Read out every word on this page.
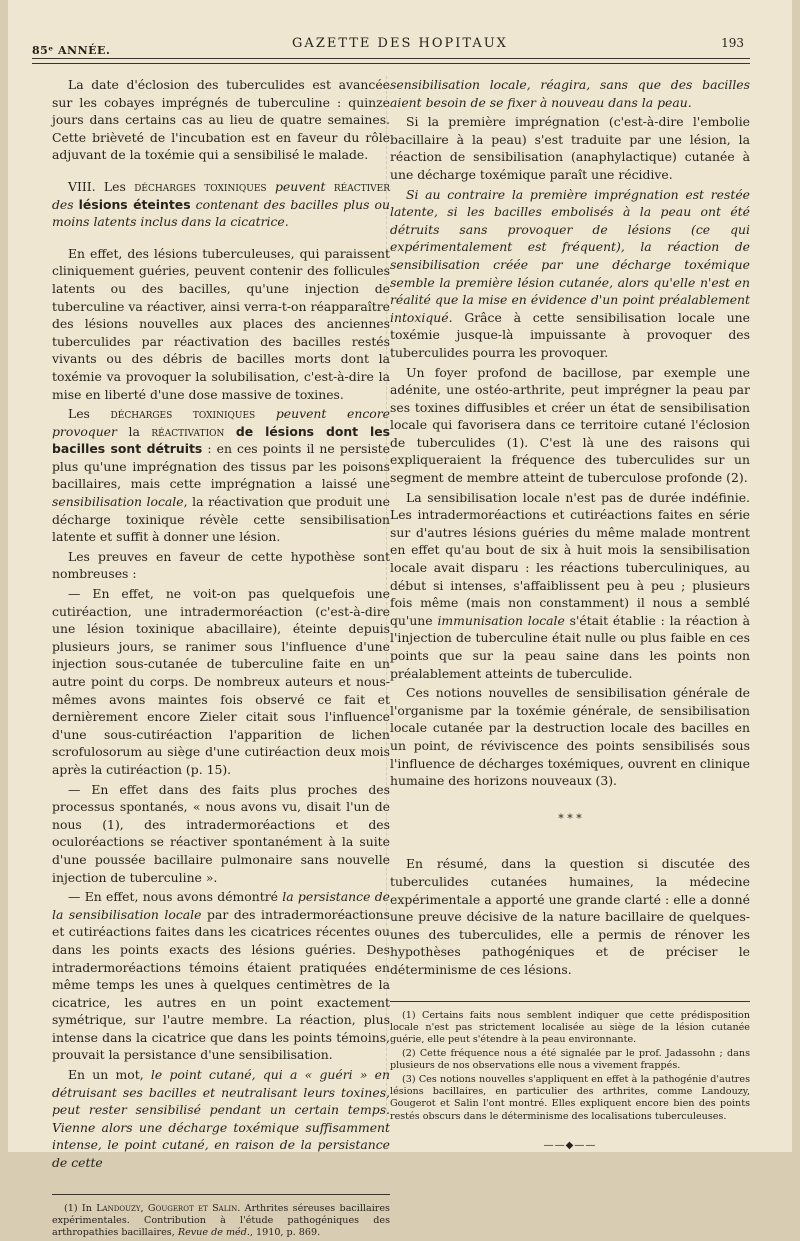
85ᵉ ANNÉE.	GAZETTE DES HOPITAUX	193

La date d'éclosion des tuberculides est avancée sur les cobayes imprégnés de tuberculine : quinze jours dans certains cas au lieu de quatre semaines. Cette brièveté de l'incubation est en faveur du rôle adjuvant de la toxémie qui a sensibilisé le malade.

VIII. Les décharges toxiniques peuvent réactiver des lésions éteintes contenant des bacilles plus ou moins latents inclus dans la cicatrice.

En effet, des lésions tuberculeuses, qui paraissent cliniquement guéries, peuvent contenir des follicules latents ou des bacilles, qu'une injection de tuberculine va réactiver, ainsi verra-t-on réapparaître des lésions nouvelles aux places des anciennes tuberculides par réactivation des bacilles restés vivants ou des débris de bacilles morts dont la toxémie va provoquer la solubilisation, c'est-à-dire la mise en liberté d'une dose massive de toxines.

Les décharges toxiniques peuvent encore provoquer la réactivation de lésions dont les bacilles sont détruits : en ces points il ne persiste plus qu'une imprégnation des tissus par les poisons bacillaires, mais cette imprégnation a laissé une sensibilisation locale, la réactivation que produit une décharge toxinique révèle cette sensibilisation latente et suffit à donner une lésion.

Les preuves en faveur de cette hypothèse sont nombreuses :

— En effet, ne voit-on pas quelquefois une cutiréaction, une intradermoréaction (c'est-à-dire une lésion toxinique abacillaire), éteinte depuis plusieurs jours, se ranimer sous l'influence d'une injection sous-cutanée de tuberculine faite en un autre point du corps. De nombreux auteurs et nous-mêmes avons maintes fois observé ce fait et dernièrement encore Zieler citait sous l'influence d'une sous-cutiréaction l'apparition de lichen scrofulosorum au siège d'une cutiréaction deux mois après la cutiréaction (p. 15).

— En effet dans des faits plus proches des processus spontanés, « nous avons vu, disait l'un de nous (1), des intradermoréactions et des oculoréactions se réactiver spontanément à la suite d'une poussée bacillaire pulmonaire sans nouvelle injection de tuberculine ».

— En effet, nous avons démontré la persistance de la sensibilisation locale par des intradermoréactions et cutiréactions faites dans les cicatrices récentes ou dans les points exacts des lésions guéries. Des intradermoréactions témoins étaient pratiquées en même temps les unes à quelques centimètres de la cicatrice, les autres en un point exactement symétrique, sur l'autre membre. La réaction, plus intense dans la cicatrice que dans les points témoins, prouvait la persistance d'une sensibilisation.

En un mot, le point cutané, qui a « guéri » en détruisant ses bacilles et neutralisant leurs toxines, peut rester sensibilisé pendant un certain temps. Vienne alors une décharge toxémique suffisamment intense, le point cutané, en raison de la persistance de cette

(1) In Landouzy, Gougerot et Salin. Arthrites séreuses bacillaires expérimentales. Contribution à l'étude pathogéniques des arthropathies bacillaires, Revue de méd., 1910, p. 869.

sensibilisation locale, réagira, sans que des bacilles aient besoin de se fixer à nouveau dans la peau.

Si la première imprégnation (c'est-à-dire l'embolie bacillaire à la peau) s'est traduite par une lésion, la réaction de sensibilisation (anaphylactique) cutanée à une décharge toxémique paraît une récidive.

Si au contraire la première imprégnation est restée latente, si les bacilles embolisés à la peau ont été détruits sans provoquer de lésions (ce qui expérimentalement est fréquent), la réaction de sensibilisation créée par une décharge toxémique semble la première lésion cutanée, alors qu'elle n'est en réalité que la mise en évidence d'un point préalablement intoxiqué. Grâce à cette sensibilisation locale une toxémie jusque-là impuissante à provoquer des tuberculides pourra les provoquer.

Un foyer profond de bacillose, par exemple une adénite, une ostéo-arthrite, peut imprégner la peau par ses toxines diffusibles et créer un état de sensibilisation locale qui favorisera dans ce territoire cutané l'éclosion de tuberculides (1). C'est là une des raisons qui expliqueraient la fréquence des tuberculides sur un segment de membre atteint de tuberculose profonde (2).

La sensibilisation locale n'est pas de durée indéfinie. Les intradermoréactions et cutiréactions faites en série sur d'autres lésions guéries du même malade montrent en effet qu'au bout de six à huit mois la sensibilisation locale avait disparu : les réactions tuberculiniques, au début si intenses, s'affaiblissent peu à peu ; plusieurs fois même (mais non constamment) il nous a semblé qu'une immunisation locale s'était établie : la réaction à l'injection de tuberculine était nulle ou plus faible en ces points que sur la peau saine dans les points non préalablement atteints de tuberculide.

Ces notions nouvelles de sensibilisation générale de l'organisme par la toxémie générale, de sensibilisation locale cutanée par la destruction locale des bacilles en un point, de réviviscence des points sensibilisés sous l'influence de décharges toxémiques, ouvrent en clinique humaine des horizons nouveaux (3).

* * *

En résumé, dans la question si discutée des tuberculides cutanées humaines, la médecine expérimentale a apporté une grande clarté : elle a donné une preuve décisive de la nature bacillaire de quelques-unes des tuberculides, elle a permis de rénover les hypothèses pathogéniques et de préciser le déterminisme de ces lésions.

(1) Certains faits nous semblent indiquer que cette prédisposition locale n'est pas strictement localisée au siège de la lésion cutanée guérie, elle peut s'étendre à la peau environnante.

(2) Cette fréquence nous a été signalée par le prof. Jadassohn ; dans plusieurs de nos observations elle nous a vivement frappés.

(3) Ces notions nouvelles s'appliquent en effet à la pathogénie d'autres lésions bacillaires, en particulier des arthrites, comme Landouzy, Gougerot et Salin l'ont montré. Elles expliquent encore bien des points restés obscurs dans le déterminisme des localisations tuberculeuses.

——◆——
